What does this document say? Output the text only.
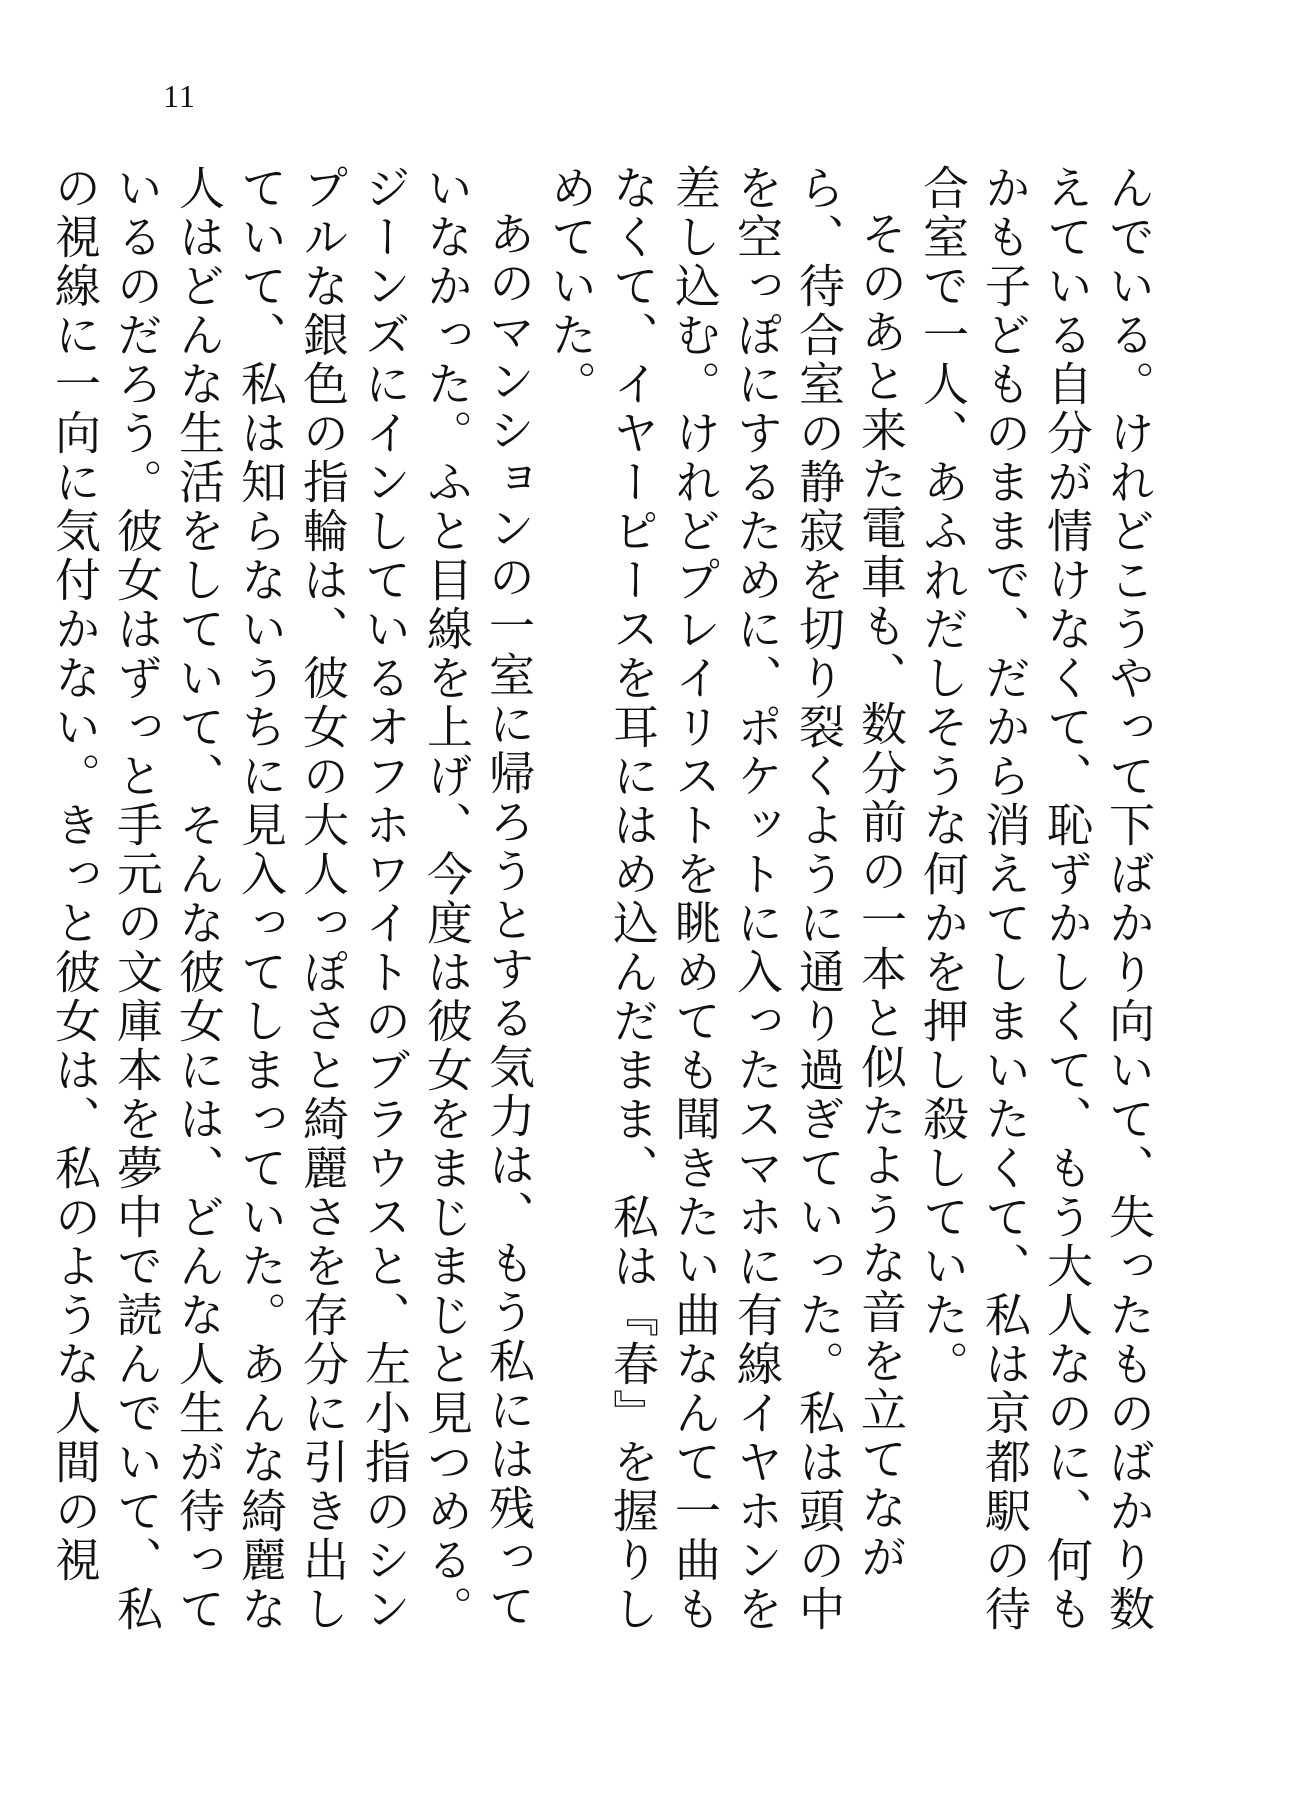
11

んでいる。けれどこうやって下ばかり向いて、失ったものばかり数えている自分が情けなくて、恥ずかしくて、もう大人なのに、何もかも子どものままで、だから消えてしまいたくて、私は京都駅の待合室で一人、あふれだしそうな何かを押し殺していた。

そのあと来た電車も、数分前の一本と似たような音を立てながら、待合室の静寂を切り裂くように通り過ぎていった。私は頭の中を空っぽにするために、ポケットに入ったスマホに有線イヤホンを差し込む。けれどプレイリストを眺めても聞きたい曲なんて一曲もなくて、イヤーピースを耳にはめ込んだまま、私は『春』を握りしめていた。

あのマンションの一室に帰ろうとする気力は、もう私には残っていなかった。ふと目線を上げ、今度は彼女をまじまじと見つめる。ジーンズにインしているオフホワイトのブラウスと、左小指のシンプルな銀色の指輪は、彼女の大人っぽさと綺麗さを存分に引き出していて、私は知らないうちに見入ってしまっていた。あんな綺麗な人はどんな生活をしていて、そんな彼女には、どんな人生が待っているのだろう。彼女はずっと手元の文庫本を夢中で読んでいて、私の視線に一向に気付かない。きっと彼女は、私のような人間の視
